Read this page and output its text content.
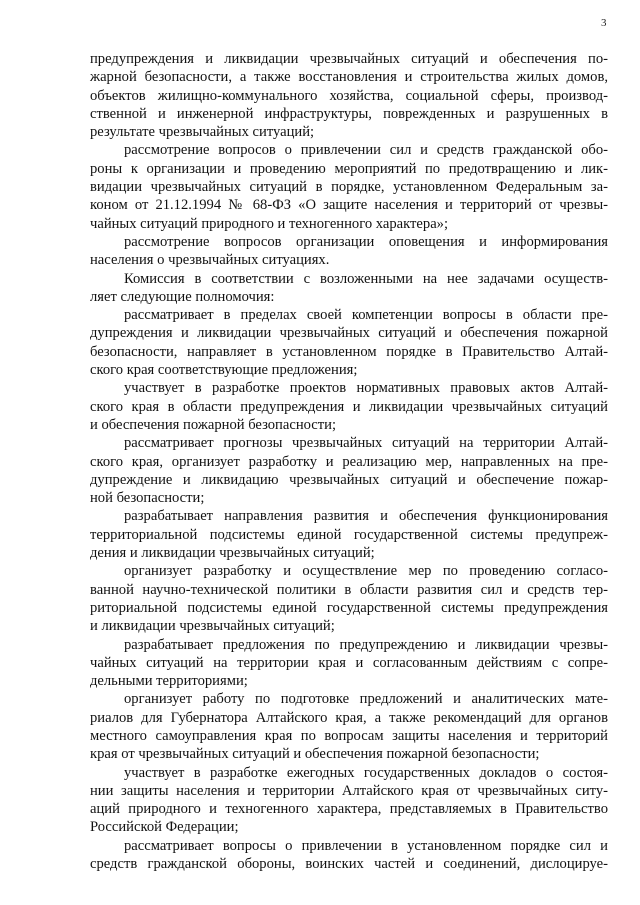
3
предупреждения и ликвидации чрезвычайных ситуаций и обеспечения по-
жарной безопасности, а также восстановления и строительства жилых домов,
объектов жилищно-коммунального хозяйства, социальной сферы, производ-
ственной и инженерной инфраструктуры, поврежденных и разрушенных в
результате чрезвычайных ситуаций;
рассмотрение вопросов о привлечении сил и средств гражданской обо-
роны к организации и проведению мероприятий по предотвращению и лик-
видации чрезвычайных ситуаций в порядке, установленном Федеральным за-
коном от 21.12.1994 № 68-ФЗ «О защите населения и территорий от чрезвы-
чайных ситуаций природного и техногенного характера»;
рассмотрение вопросов организации оповещения и информирования
населения о чрезвычайных ситуациях.
Комиссия в соответствии с возложенными на нее задачами осуществ-
ляет следующие полномочия:
рассматривает в пределах своей компетенции вопросы в области пре-
дупреждения и ликвидации чрезвычайных ситуаций и обеспечения пожарной
безопасности, направляет в установленном порядке в Правительство Алтай-
ского края соответствующие предложения;
участвует в разработке проектов нормативных правовых актов Алтай-
ского края в области предупреждения и ликвидации чрезвычайных ситуаций
и обеспечения пожарной безопасности;
рассматривает прогнозы чрезвычайных ситуаций на территории Алтай-
ского края, организует разработку и реализацию мер, направленных на пре-
дупреждение и ликвидацию чрезвычайных ситуаций и обеспечение пожар-
ной безопасности;
разрабатывает направления развития и обеспечения функционирования
территориальной подсистемы единой государственной системы предупреж-
дения и ликвидации чрезвычайных ситуаций;
организует разработку и осуществление мер по проведению согласо-
ванной научно-технической политики в области развития сил и средств тер-
риториальной подсистемы единой государственной системы предупреждения
и ликвидации чрезвычайных ситуаций;
разрабатывает предложения по предупреждению и ликвидации чрезвы-
чайных ситуаций на территории края и согласованным действиям с сопре-
дельными территориями;
организует работу по подготовке предложений и аналитических мате-
риалов для Губернатора Алтайского края, а также рекомендаций для органов
местного самоуправления края по вопросам защиты населения и территорий
края от чрезвычайных ситуаций и обеспечения пожарной безопасности;
участвует в разработке ежегодных государственных докладов о состоя-
нии защиты населения и территории Алтайского края от чрезвычайных ситу-
аций природного и техногенного характера, представляемых в Правительство
Российской Федерации;
рассматривает вопросы о привлечении в установленном порядке сил и
средств гражданской обороны, воинских частей и соединений, дислоцируе-
